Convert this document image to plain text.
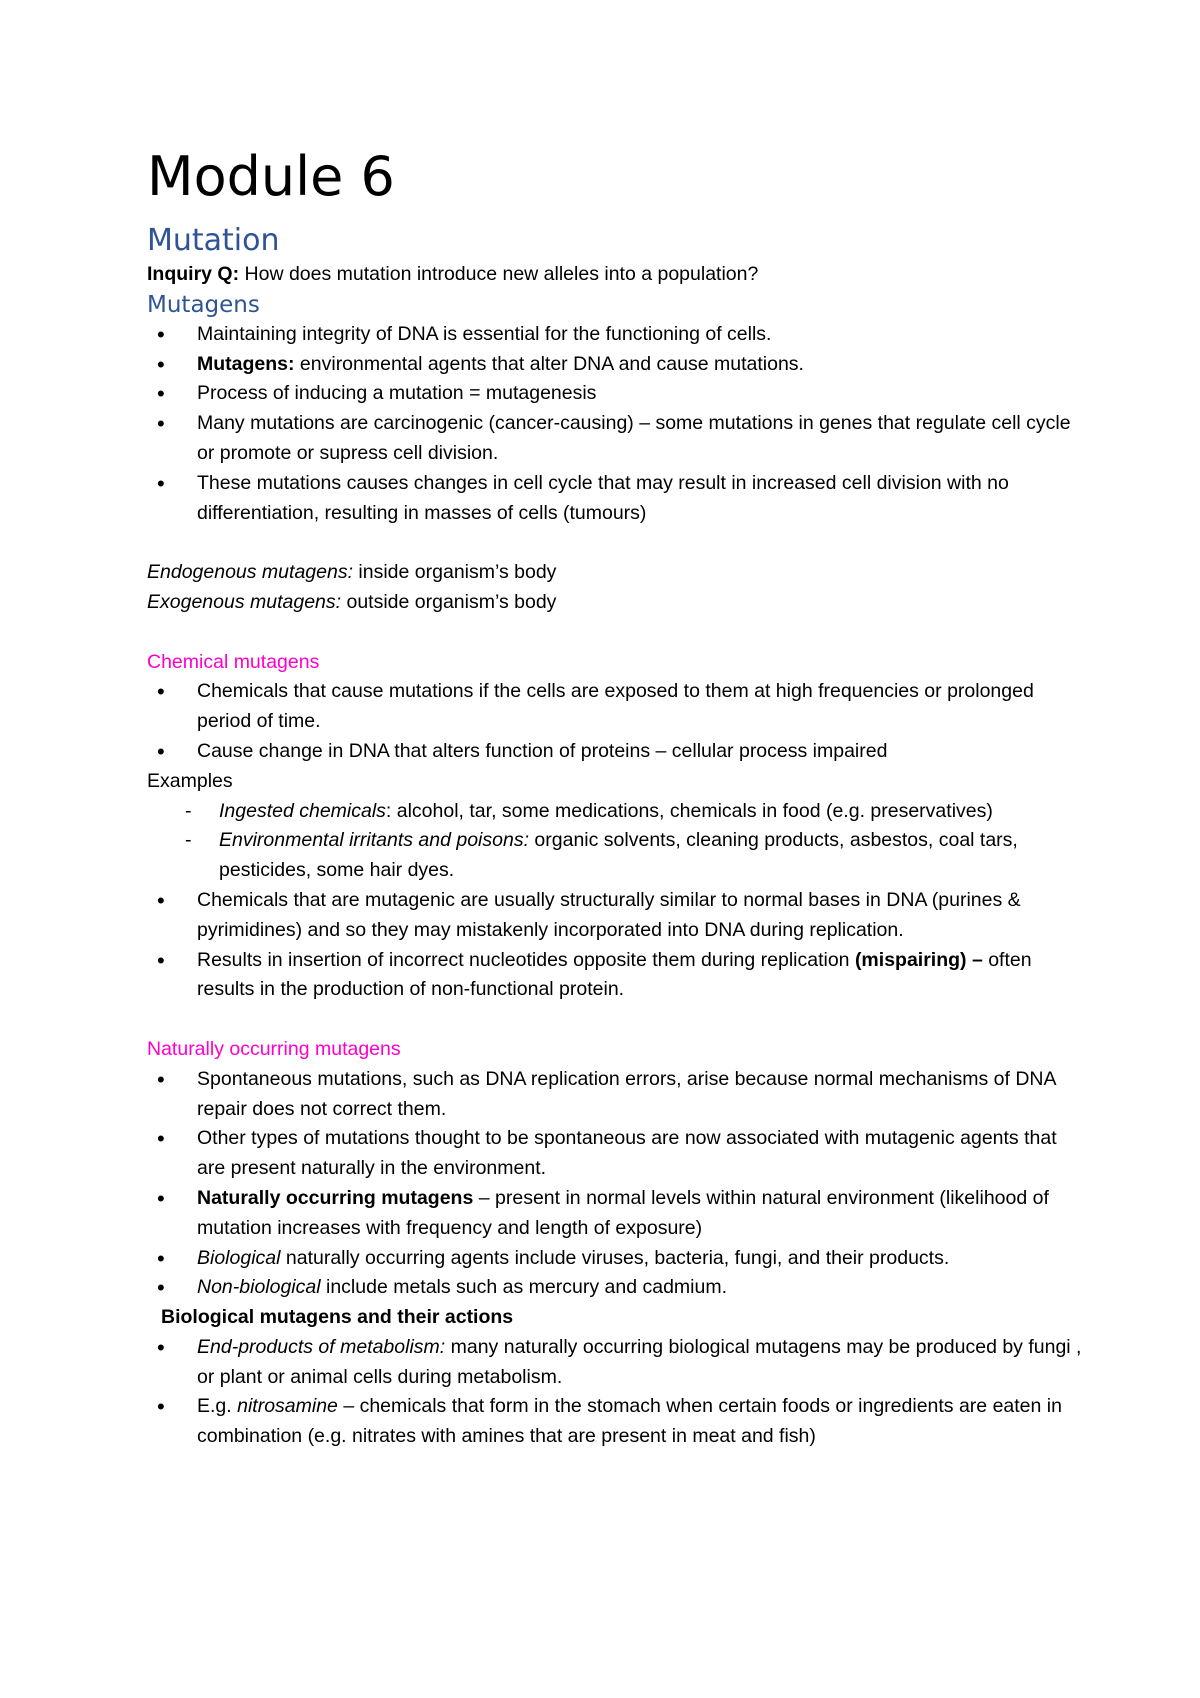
Module 6
Mutation

Inquiry Q: How does mutation introduce new alleles into a population?

Mutagens
• Maintaining integrity of DNA is essential for the functioning of cells.
• Mutagens: environmental agents that alter DNA and cause mutations.
• Process of inducing a mutation = mutagenesis
• Many mutations are carcinogenic (cancer-causing) – some mutations in genes that regulate cell cycle or promote or supress cell division.
• These mutations causes changes in cell cycle that may result in increased cell division with no differentiation, resulting in masses of cells (tumours)

Endogenous mutagens: inside organism’s body

Exogenous mutagens: outside organism’s body

Chemical mutagens

• Chemicals that cause mutations if the cells are exposed to them at high frequencies or prolonged period of time.
• Cause change in DNA that alters function of proteins – cellular process impaired

Examples

- Ingested chemicals: alcohol, tar, some medications, chemicals in food (e.g. preservatives)
- Environmental irritants and poisons: organic solvents, cleaning products, asbestos, coal tars, pesticides, some hair dyes.
• Chemicals that are mutagenic are usually structurally similar to normal bases in DNA (purines & pyrimidines) and so they may mistakenly incorporated into DNA during replication.
• Results in insertion of incorrect nucleotides opposite them during replication (mispairing) – often results in the production of non-functional protein.

Naturally occurring mutagens

• Spontaneous mutations, such as DNA replication errors, arise because normal mechanisms of DNA repair does not correct them.
• Other types of mutations thought to be spontaneous are now associated with mutagenic agents that are present naturally in the environment.
• Naturally occurring mutagens – present in normal levels within natural environment (likelihood of mutation increases with frequency and length of exposure)
• Biological naturally occurring agents include viruses, bacteria, fungi, and their products.
• Non-biological include metals such as mercury and cadmium.

Biological mutagens and their actions

• End-products of metabolism: many naturally occurring biological mutagens may be produced by fungi , or plant or animal cells during metabolism.
• E.g. nitrosamine – chemicals that form in the stomach when certain foods or ingredients are eaten in combination (e.g. nitrates with amines that are present in meat and fish)
